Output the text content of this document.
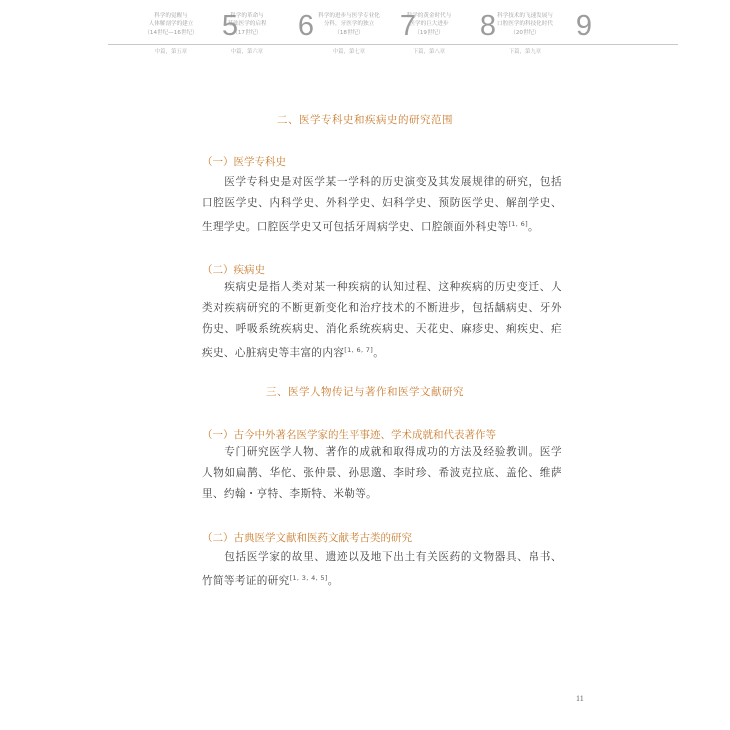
科学的觉醒与
人体解剖学的建立
（14世纪—16世纪） 5
中篇，第五章
科学的革命与
基础医学的启程
（17世纪）	6
中篇，第六章
科学的进步与医学专业化
分科，牙医学的独立
（18世纪）	7
中篇，第七章
科学的黄金时代与
医学的巨大进步
（19世纪）	8
下篇，第八章
科学技术的飞速发展与
口腔医学的科技化时代
（20世纪）	9
下篇，第九章
二、医学专科史和疾病史的研究范围
（一）医学专科史

医学专科史是对医学某一学科的历史演变及其发展规律的研究，包括口腔医学史、内科学史、外科学史、妇科学史、预防医学史、解剖学史、生理学史。口腔医学史又可包括牙周病学史、口腔颌面外科史等[1, 6]。

（二）疾病史

疾病史是指人类对某一种疾病的认知过程、这种疾病的历史变迁、人类对疾病研究的不断更新变化和治疗技术的不断进步，包括龋病史、牙外伤史、呼吸系统疾病史、消化系统疾病史、天花史、麻疹史、痢疾史、疟疾史、心脏病史等丰富的内容[1, 6, 7]。

三、医学人物传记与著作和医学文献研究
（一）古今中外著名医学家的生平事迹、学术成就和代表著作等

专门研究医学人物、著作的成就和取得成功的方法及经验教训。医学人物如扁鹊、华佗、张仲景、孙思邈、李时珍、希波克拉底、盖伦、维萨里、约翰・亨特、李斯特、米勒等。

（二）古典医学文献和医药文献考古类的研究

包括医学家的故里、遗迹以及地下出土有关医药的文物器具、帛书、竹简等考证的研究[1, 3, 4, 5]。

11
